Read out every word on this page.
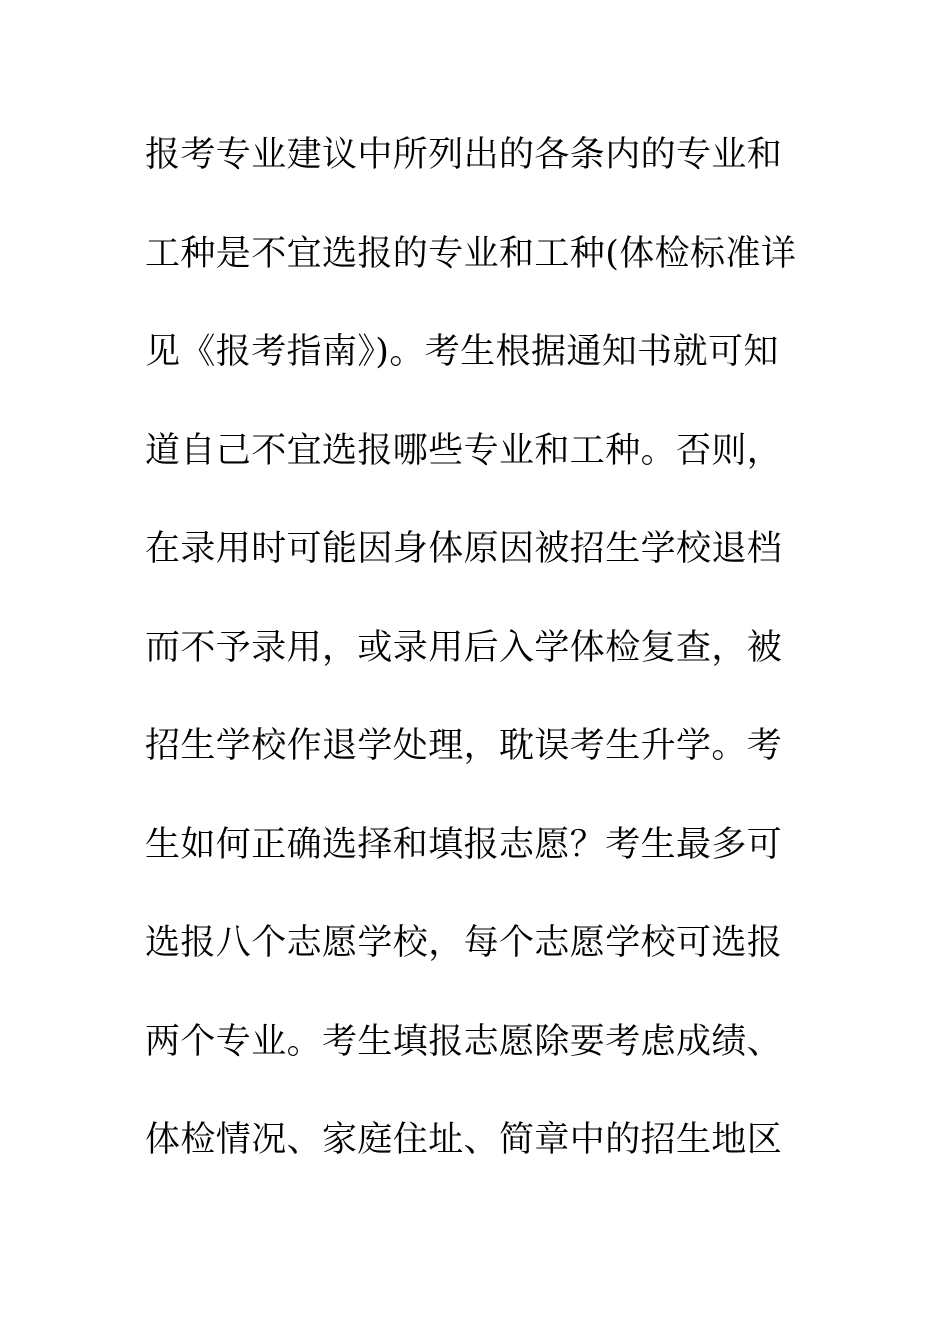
报考专业建议中所列出的各条内的专业和
工种是不宜选报的专业和工种(体检标准详
见《报考指南》)。考生根据通知书就可知
道自己不宜选报哪些专业和工种。否则，
在录用时可能因身体原因被招生学校退档
而不予录用，或录用后入学体检复查，被
招生学校作退学处理，耽误考生升学。考
生如何正确选择和填报志愿？考生最多可
选报八个志愿学校，每个志愿学校可选报
两个专业。考生填报志愿除要考虑成绩、
体检情况、家庭住址、简章中的招生地区
